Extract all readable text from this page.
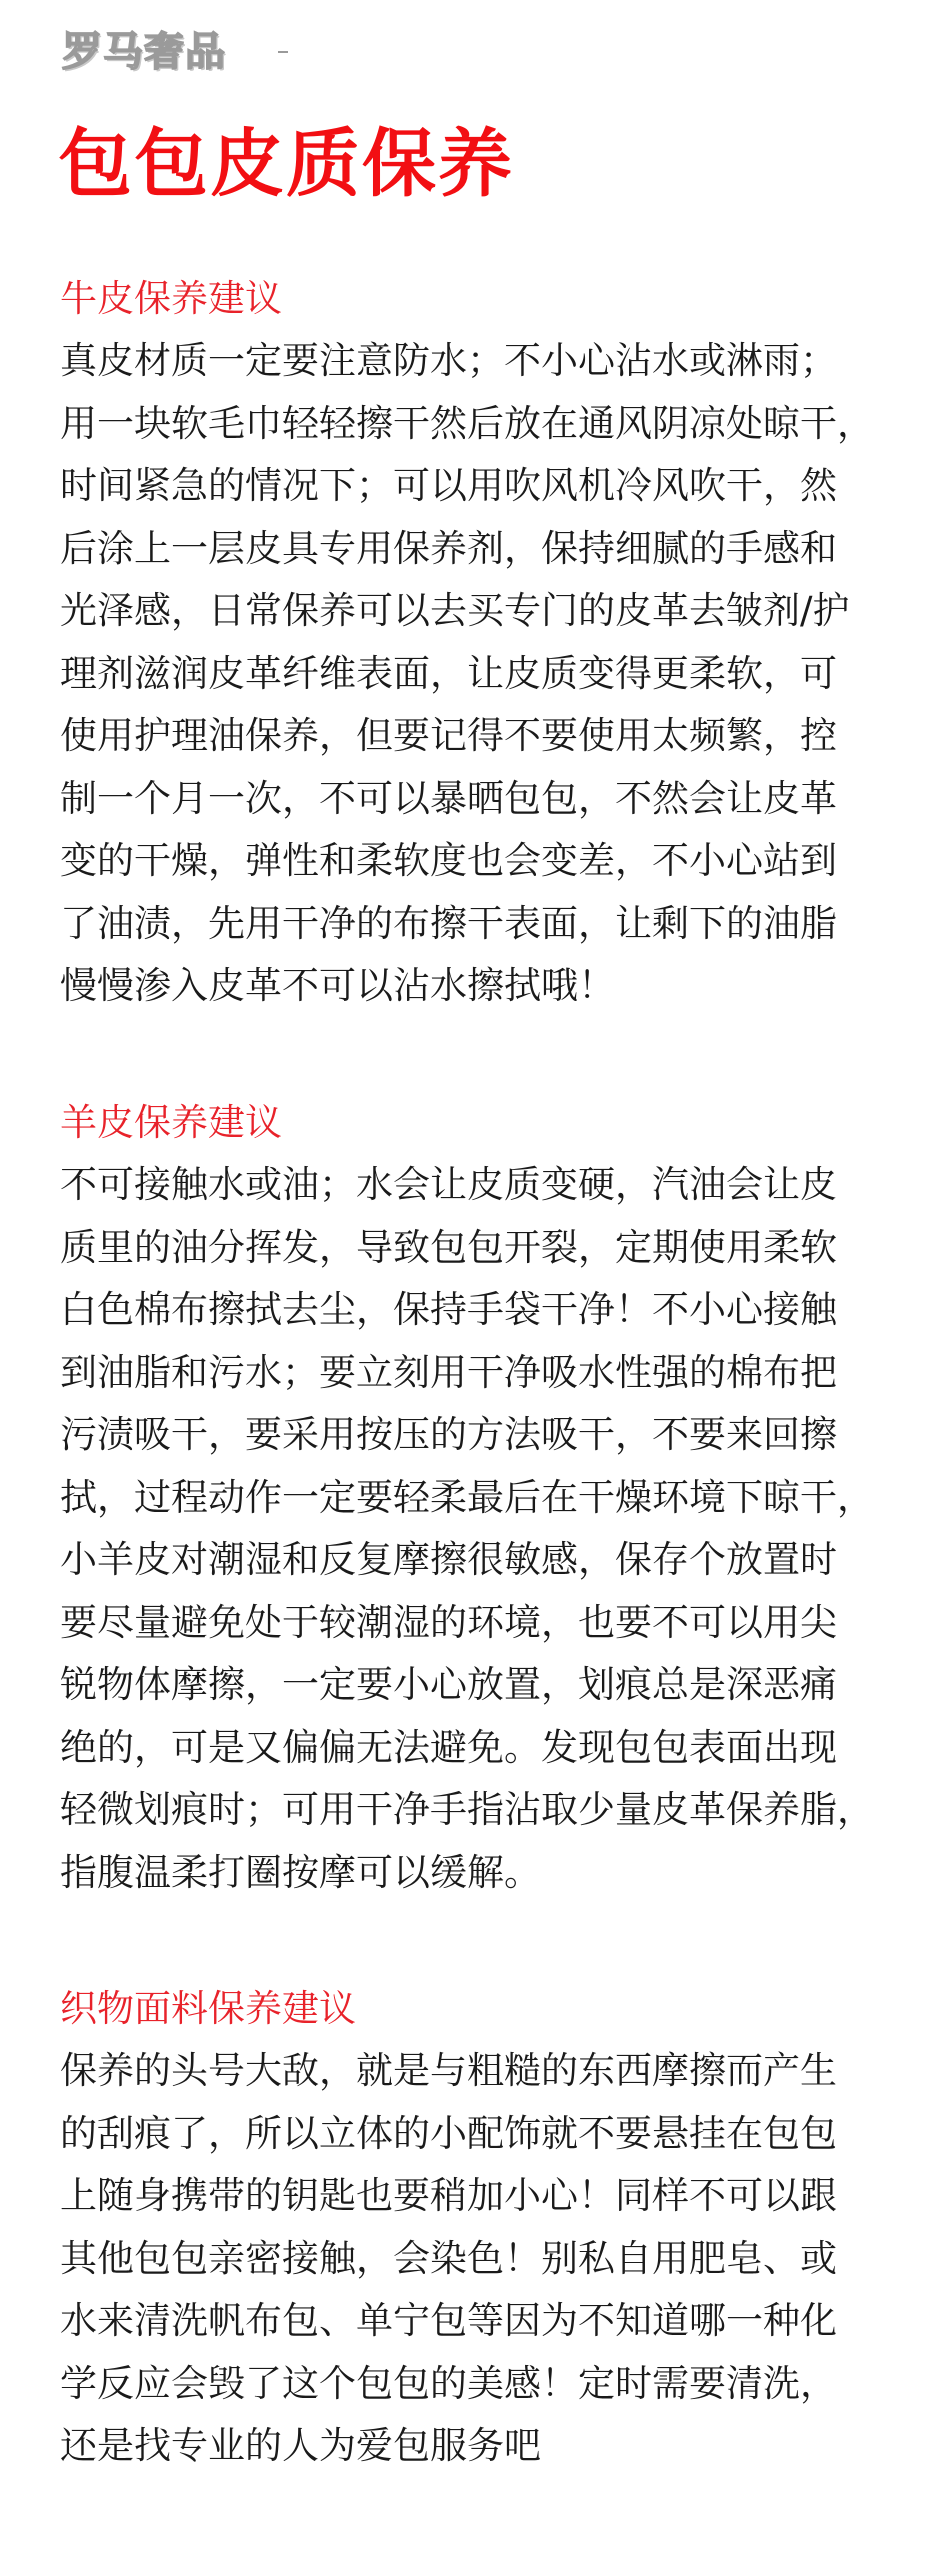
罗马奢品
包包皮质保养
牛皮保养建议

真皮材质一定要注意防水；不小心沾水或淋雨；
用一块软毛巾轻轻擦干然后放在通风阴凉处晾干，
时间紧急的情况下；可以用吹风机冷风吹干，然
后涂上一层皮具专用保养剂，保持细腻的手感和
光泽感，日常保养可以去买专门的皮革去皱剂/护
理剂滋润皮革纤维表面，让皮质变得更柔软，可
使用护理油保养，但要记得不要使用太频繁，控
制一个月一次，不可以暴晒包包，不然会让皮革
变的干燥，弹性和柔软度也会变差，不小心站到
了油渍，先用干净的布擦干表面，让剩下的油脂
慢慢渗入皮革不可以沾水擦拭哦！

羊皮保养建议

不可接触水或油；水会让皮质变硬，汽油会让皮
质里的油分挥发，导致包包开裂，定期使用柔软
白色棉布擦拭去尘，保持手袋干净！不小心接触
到油脂和污水；要立刻用干净吸水性强的棉布把
污渍吸干，要采用按压的方法吸干，不要来回擦
拭，过程动作一定要轻柔最后在干燥环境下晾干，
小羊皮对潮湿和反复摩擦很敏感，保存个放置时
要尽量避免处于较潮湿的环境，也要不可以用尖
锐物体摩擦，一定要小心放置，划痕总是深恶痛
绝的，可是又偏偏无法避免。发现包包表面出现
轻微划痕时；可用干净手指沾取少量皮革保养脂，
指腹温柔打圈按摩可以缓解。

织物面料保养建议

保养的头号大敌，就是与粗糙的东西摩擦而产生
的刮痕了，所以立体的小配饰就不要悬挂在包包
上随身携带的钥匙也要稍加小心！同样不可以跟
其他包包亲密接触，会染色！别私自用肥皂、或
水来清洗帆布包、单宁包等因为不知道哪一种化
学反应会毁了这个包包的美感！定时需要清洗，
还是找专业的人为爱包服务吧
